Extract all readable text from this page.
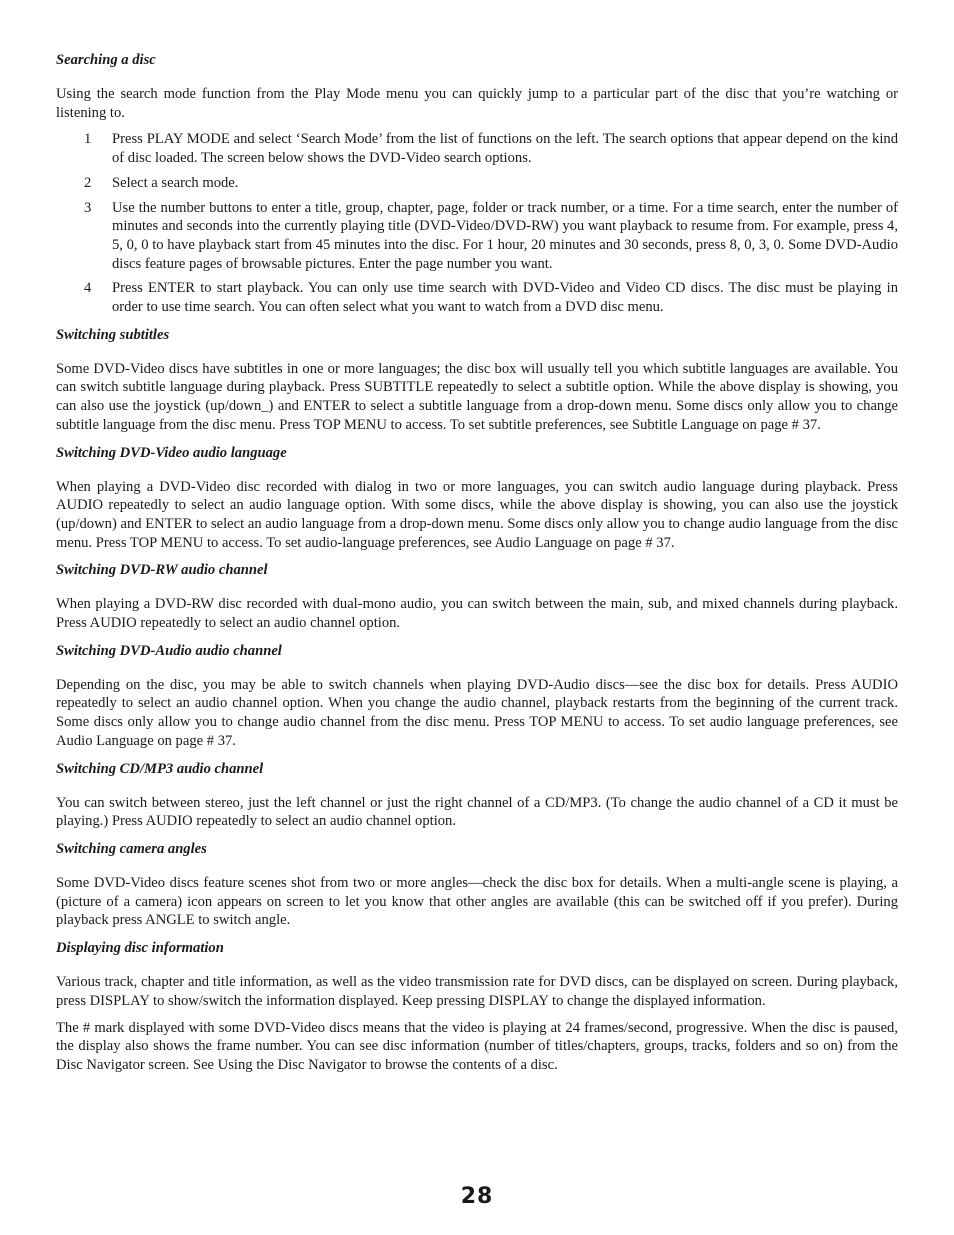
Searching a disc

Using the search mode function from the Play Mode menu you can quickly jump to a particular part of the disc that you’re watching or listening to.

1	Press PLAY MODE and select ‘Search Mode’ from the list of functions on the left. The search options that appear depend on the kind of disc loaded. The screen below shows the DVD-Video search options.
2	Select a search mode.
3	Use the number buttons to enter a title, group, chapter, page, folder or track number, or a time. For a time search, enter the number of minutes and seconds into the currently playing title (DVD-Video/DVD-RW) you want playback to resume from. For example, press 4, 5, 0, 0 to have playback start from 45 minutes into the disc. For 1 hour, 20 minutes and 30 seconds, press 8, 0, 3, 0. Some DVD-Audio discs feature pages of browsable pictures. Enter the page number you want.
4	Press ENTER to start playback. You can only use time search with DVD-Video and Video CD discs. The disc must be playing in order to use time search. You can often select what you want to watch from a DVD disc menu.
Switching subtitles

Some DVD-Video discs have subtitles in one or more languages; the disc box will usually tell you which subtitle languages are available. You can switch subtitle language during playback. Press SUBTITLE repeatedly to select a subtitle option. While the above display is showing, you can also use the joystick (up/down_) and ENTER to select a subtitle language from a drop-down menu. Some discs only allow you to change subtitle language from the disc menu. Press TOP MENU to access. To set subtitle preferences, see Subtitle Language on page # 37.

Switching DVD-Video audio language

When playing a DVD-Video disc recorded with dialog in two or more languages, you can switch audio language during playback. Press AUDIO repeatedly to select an audio language option. With some discs, while the above display is showing, you can also use the joystick (up/down) and ENTER to select an audio language from a drop-down menu. Some discs only allow you to change audio language from the disc menu. Press TOP MENU to access. To set audio-language preferences, see Audio Language on page # 37.

Switching DVD-RW audio channel

When playing a DVD-RW disc recorded with dual-mono audio, you can switch between the main, sub, and mixed channels during playback. Press AUDIO repeatedly to select an audio channel option.

Switching DVD-Audio audio channel

Depending on the disc, you may be able to switch channels when playing DVD-Audio discs—see the disc box for details. Press AUDIO repeatedly to select an audio channel option. When you change the audio channel, playback restarts from the beginning of the current track. Some discs only allow you to change audio channel from the disc menu. Press TOP MENU to access. To set audio language preferences, see Audio Language on page # 37.

Switching CD/MP3 audio channel

You can switch between stereo, just the left channel or just the right channel of a CD/MP3. (To change the audio channel of a CD it must be playing.) Press AUDIO repeatedly to select an audio channel option.

Switching camera angles

Some DVD-Video discs feature scenes shot from two or more angles—check the disc box for details. When a multi-angle scene is playing, a (picture of a camera) icon appears on screen to let you know that other angles are available (this can be switched off if you prefer). During playback press ANGLE to switch angle.

Displaying disc information

Various track, chapter and title information, as well as the video transmission rate for DVD discs, can be displayed on screen. During playback, press DISPLAY to show/switch the information displayed. Keep pressing DISPLAY to change the displayed information.

The # mark displayed with some DVD-Video discs means that the video is playing at 24 frames/second, progressive. When the disc is paused, the display also shows the frame number. You can see disc information (number of titles/chapters, groups, tracks, folders and so on) from the Disc Navigator screen. See Using the Disc Navigator to browse the contents of a disc.

28
